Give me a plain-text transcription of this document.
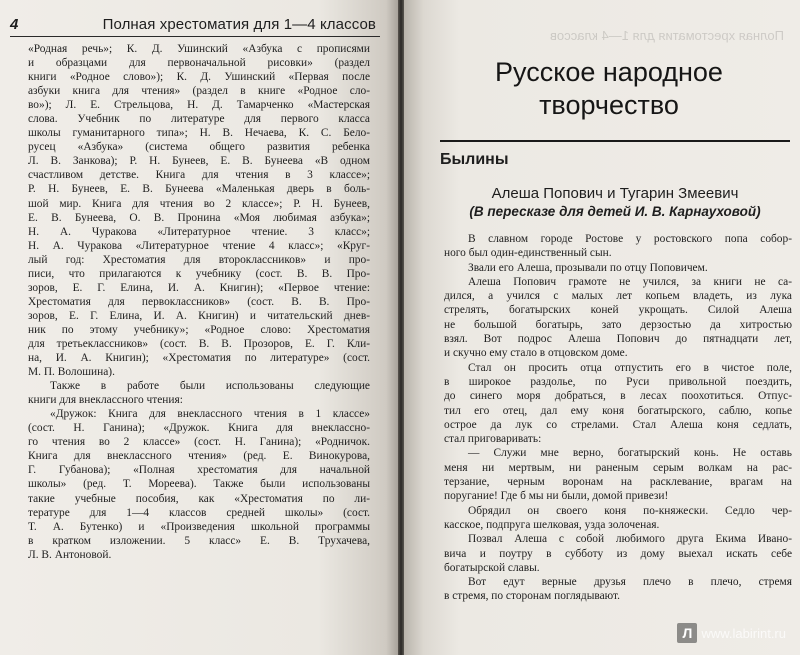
4	Полная хрестоматия для 1—4 классов
«Родная речь»; К. Д. Ушинский «Азбука с прописями
и образцами для первоначальной рисовки» (раздел
книги «Родное слово»); К. Д. Ушинский «Первая после
азбуки книга для чтения» (раздел в книге «Родное сло-
во»); Л. Е. Стрельцова, Н. Д. Тамарченко «Мастерская
слова. Учебник по литературе для первого класса
школы гуманитарного типа»; Н. В. Нечаева, К. С. Бело-
русец «Азбука» (система общего развития ребенка
Л. В. Занкова); Р. Н. Бунеев, Е. В. Бунеева «В одном
счастливом детстве. Книга для чтения в 3 классе»;
Р. Н. Бунеев, Е. В. Бунеева «Маленькая дверь в боль-
шой мир. Книга для чтения во 2 классе»; Р. Н. Бунеев,
Е. В. Бунеева, О. В. Пронина «Моя любимая азбука»;
Н. А. Чуракова «Литературное чтение. 3 класс»;
Н. А. Чуракова «Литературное чтение 4 класс»; «Круг-
лый год: Хрестоматия для второклассников» и про-
писи, что прилагаются к учебнику (сост. В. В. Про-
зоров, Е. Г. Елина, И. А. Книгин); «Первое чтение:
Хрестоматия для первоклассников» (сост. В. В. Про-
зоров, Е. Г. Елина, И. А. Книгин) и читательский днев-
ник по этому учебнику»; «Родное слово: Хрестоматия
для третьеклассников» (сост. В. В. Прозоров, Е. Г. Кли-
на, И. А. Книгин); «Хрестоматия по литературе» (сост.
М. П. Волошина).
Также в работе были использованы следующие
книги для внеклассного чтения:
«Дружок: Книга для внеклассного чтения в 1 классе»
(сост. Н. Ганина); «Дружок. Книга для внеклассно-
го чтения во 2 классе» (сост. Н. Ганина); «Родничок.
Книга для внеклассного чтения» (ред. Е. Винокурова,
Г. Губанова); «Полная хрестоматия для начальной
школы» (ред. Т. Мореева). Также были использованы
такие учебные пособия, как «Хрестоматия по ли-
тературе для 1—4 классов средней школы» (сост.
Т. А. Бутенко) и «Произведения школьной программы
в кратком изложении. 5 класс» Е. В. Трухачева,
Л. В. Антоновой.
Полная хрестоматия для 1—4 классов
Русское народное
творчество
Былины
Алеша Попович и Тугарин Змеевич
(В пересказе для детей И. В. Карнауховой)
В славном городе Ростове у ростовского попа собор-
ного был один-единственный сын.
Звали его Алеша, прозывали по отцу Поповичем.
Алеша Попович грамоте не учился, за книги не са-
дился, а учился с малых лет копьем владеть, из лука
стрелять, богатырских коней укрощать. Силой Алеша
не большой богатырь, зато дерзостью да хитростью
взял. Вот подрос Алеша Попович до пятнадцати лет,
и скучно ему стало в отцовском доме.
Стал он просить отца отпустить его в чистое поле,
в широкое раздолье, по Руси привольной поездить,
до синего моря добраться, в лесах поохотиться. Отпус-
тил его отец, дал ему коня богатырского, саблю, копье
острое да лук со стрелами. Стал Алеша коня седлать,
стал приговаривать:
— Служи мне верно, богатырский конь. Не оставь
меня ни мертвым, ни раненым серым волкам на рас-
терзание, черным воронам на расклевание, врагам на
поругание! Где б мы ни были, домой привези!
Обрядил он своего коня по-княжески. Седло чер-
касское, подпруга шелковая, узда золоченая.
Позвал Алеша с собой любимого друга Екима Ивано-
вича и поутру в субботу из дому выехал искать себе
богатырской славы.
Вот едут верные друзья плечо в плечо, стремя
в стремя, по сторонам поглядывают.
Л www.labirint.ru
